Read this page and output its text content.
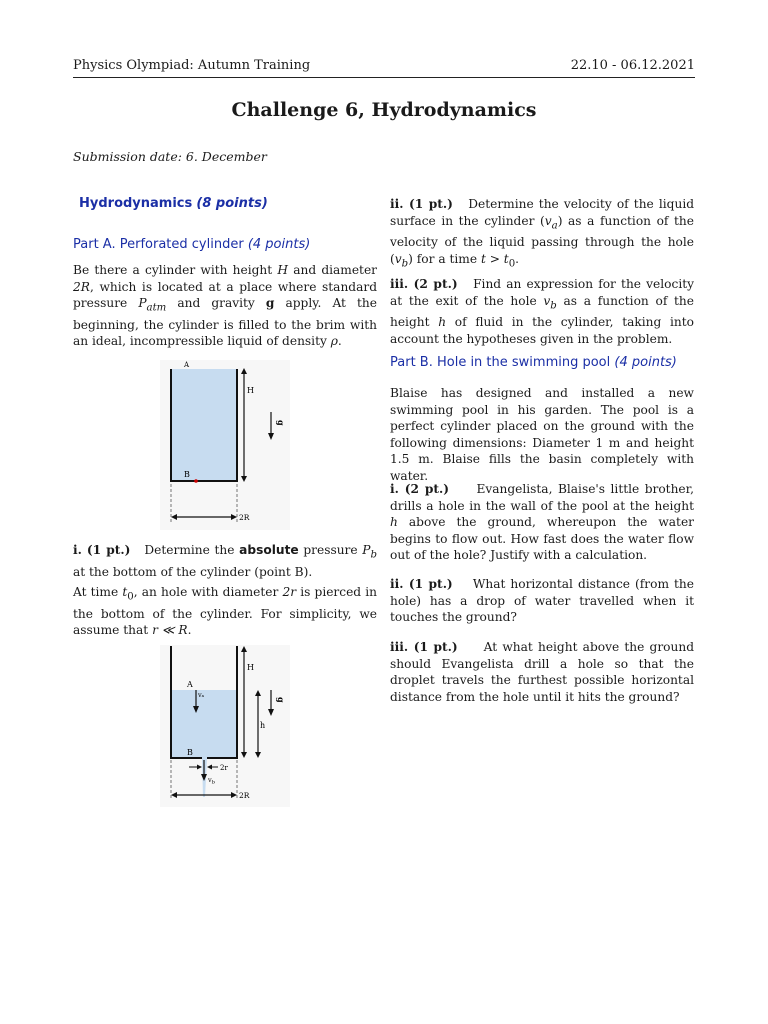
Physics Olympiad: Autumn Training	22.10 - 06.12.2021
Challenge 6, Hydrodynamics
Submission date: 6. December
Hydrodynamics (8 points)
Part A. Perforated cylinder (4 points)
Be there a cylinder with height H and diameter 2R, which is located at a place where standard pressure $P_{atm}$ and gravity g apply. At the beginning, the cylinder is filled to the brim with an ideal, incompressible liquid of density ρ.
A
B
H
g
2R
i. (1 pt.) Determine the absolute pressure $P_b$ at the bottom of the cylinder (point B).
At time $t_0$, an hole with diameter 2r is pierced in the bottom of the cylinder. For simplicity, we assume that r ≪ R.
A
vₐ
B
H
h
g
2r
$v_b$
2R
ii. (1 pt.) Determine the velocity of the liquid surface in the cylinder $(v_a)$ as a function of the velocity of the liquid passing through the hole $(v_b)$ for a time $t > t_0$.
iii. (2 pt.) Find an expression for the velocity at the exit of the hole $v_b$ as a function of the height h of fluid in the cylinder, taking into account the hypotheses given in the problem.
Part B. Hole in the swimming pool (4 points)
Blaise has designed and installed a new swimming pool in his garden. The pool is a perfect cylinder placed on the ground with the following dimensions: Diameter 1 m and height 1.5 m. Blaise fills the basin completely with water.
i. (2 pt.) Evangelista, Blaise's little brother, drills a hole in the wall of the pool at the height h above the ground, whereupon the water begins to flow out. How fast does the water flow out of the hole? Justify with a calculation.
ii. (1 pt.) What horizontal distance (from the hole) has a drop of water travelled when it touches the ground?
iii. (1 pt.) At what height above the ground should Evangelista drill a hole so that the droplet travels the furthest possible horizontal distance from the hole until it hits the ground?
